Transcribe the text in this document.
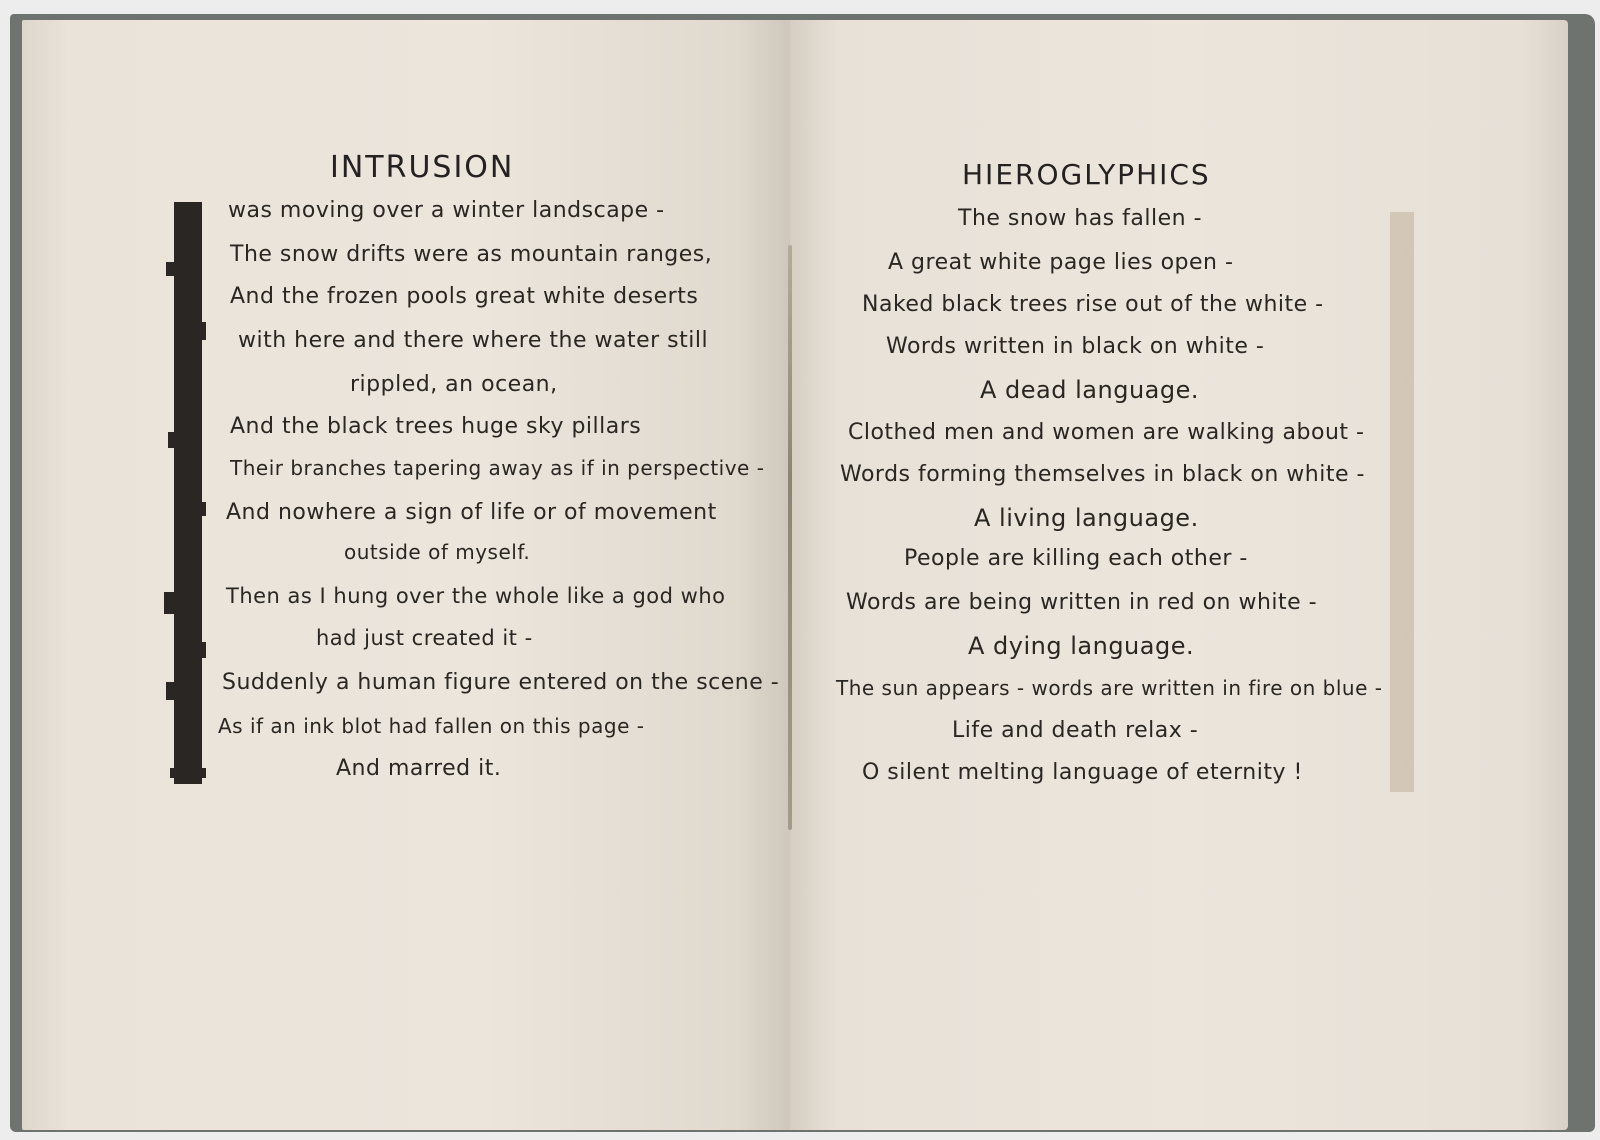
INTRUSION
was moving over a winter landscape -
The snow drifts were as mountain ranges,
And the frozen pools great white deserts
with here and there where the water still
rippled, an ocean,
And the black trees huge sky pillars
Their branches tapering away as if in perspective -
And nowhere a sign of life or of movement
outside of myself.
Then as I hung over the whole like a god who
had just created it -
Suddenly a human figure entered on the scene -
As if an ink blot had fallen on this page -
And marred it.
HIEROGLYPHICS
The snow has fallen -
A great white page lies open -
Naked black trees rise out of the white -
Words written in black on white -
A dead language.
Clothed men and women are walking about -
Words forming themselves in black on white -
A living language.
People are killing each other -
Words are being written in red on white -
A dying language.
The sun appears - words are written in fire on blue -
Life and death relax -
O silent melting language of eternity !
